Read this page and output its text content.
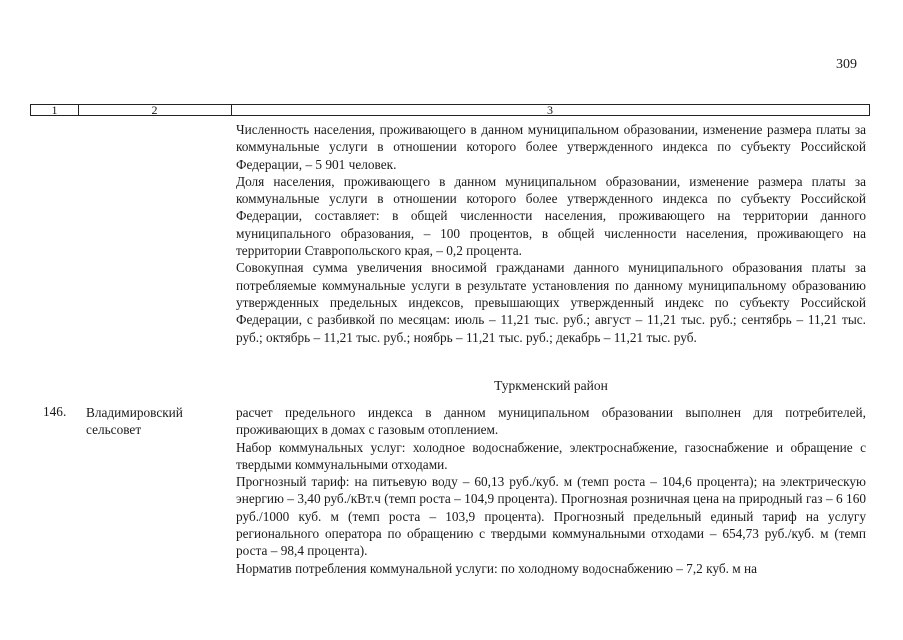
309
1	2	3

Численность населения, проживающего в данном муниципальном образовании, изменение размера платы за коммунальные услуги в отношении которого более утвержденного индекса по субъекту Российской Федерации, – 5 901 человек.

Доля населения, проживающего в данном муниципальном образовании, изменение размера платы за коммунальные услуги в отношении которого более утвержденного индекса по субъекту Российской Федерации, составляет: в общей численности населения, проживающего на территории данного муниципального образования, – 100 процентов, в общей численности населения, проживающего на территории Ставропольского края, – 0,2 процента.

Совокупная сумма увеличения вносимой гражданами данного муниципального образования платы за потребляемые коммунальные услуги в результате установления по данному муниципальному образованию утвержденных предельных индексов, превышающих утвержденный индекс по субъекту Российской Федерации, с разбивкой по месяцам: июль – 11,21 тыс. руб.; август – 11,21 тыс. руб.; сентябрь – 11,21 тыс. руб.; октябрь – 11,21 тыс. руб.; ноябрь – 11,21 тыс. руб.; декабрь – 11,21 тыс. руб.

Туркменский район
146. Владимировский сельсовет

расчет предельного индекса в данном муниципальном образовании выполнен для потребителей, проживающих в домах с газовым отоплением.

Набор коммунальных услуг: холодное водоснабжение, электроснабжение, газоснабжение и обращение с твердыми коммунальными отходами.

Прогнозный тариф: на питьевую воду – 60,13 руб./куб. м (темп роста – 104,6 процента); на электрическую энергию – 3,40 руб./кВт.ч (темп роста – 104,9 процента). Прогнозная розничная цена на природный газ – 6 160 руб./1000 куб. м (темп роста – 103,9 процента). Прогнозный предельный единый тариф на услугу регионального оператора по обращению с твердыми коммунальными отходами – 654,73 руб./куб. м (темп роста – 98,4 процента).

Норматив потребления коммунальной услуги: по холодному водоснабжению – 7,2 куб. м на
